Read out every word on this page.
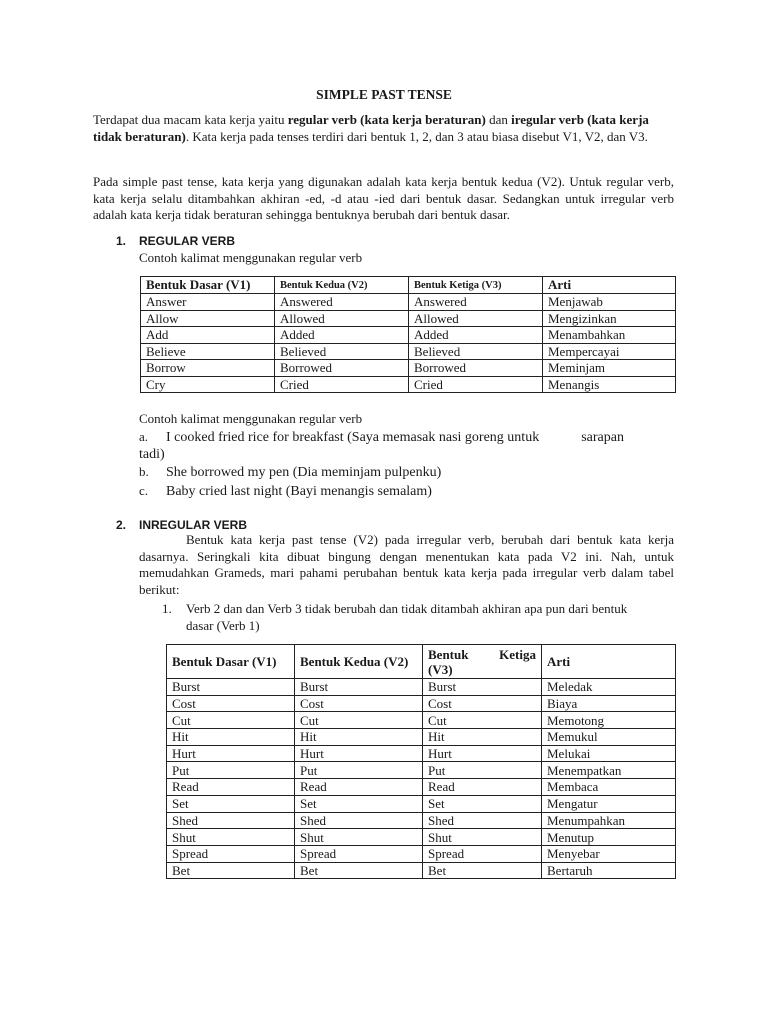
SIMPLE PAST TENSE

Terdapat dua macam kata kerja yaitu regular verb (kata kerja beraturan) dan iregular verb (kata kerja tidak beraturan). Kata kerja pada tenses terdiri dari bentuk 1, 2, dan 3 atau biasa disebut V1, V2, dan V3.

Pada simple past tense, kata kerja yang digunakan adalah kata kerja bentuk kedua (V2). Untuk regular verb, kata kerja selalu ditambahkan akhiran -ed, -d atau -ied dari bentuk dasar. Sedangkan untuk irregular verb adalah kata kerja tidak beraturan sehingga bentuknya berubah dari bentuk dasar.

1. REGULAR VERB
Contoh kalimat menggunakan regular verb
Bentuk Dasar (V1)	Bentuk Kedua (V2)	Bentuk Ketiga (V3)	Arti
Answer	Answered	Answered	Menjawab
Allow	Allowed	Allowed	Mengizinkan
Add	Added	Added	Menambahkan
Believe	Believed	Believed	Mempercayai
Borrow	Borrowed	Borrowed	Meminjam
Cry	Cried	Cried	Menangis
Contoh kalimat menggunakan regular verb
a. I cooked fried rice for breakfast (Saya memasak nasi goreng untuk	sarapan
tadi)
b. She borrowed my pen (Dia meminjam pulpenku)
c. Baby cried last night (Bayi menangis semalam)
2. INREGULAR VERB

Bentuk kata kerja past tense (V2) pada irregular verb, berubah dari bentuk kata kerja dasarnya. Seringkali kita dibuat bingung dengan menentukan kata pada V2 ini. Nah, untuk memudahkan Grameds, mari pahami perubahan bentuk kata kerja pada irregular verb dalam tabel berikut:

1. Verb 2 dan dan Verb 3 tidak berubah dan tidak ditambah akhiran apa pun dari bentuk
dasar (Verb 1)
Bentuk Dasar (V1)	Bentuk Kedua (V2)	Bentuk Ketiga (V3)	Arti
Burst	Burst	Burst	Meledak
Cost	Cost	Cost	Biaya
Cut	Cut	Cut	Memotong
Hit	Hit	Hit	Memukul
Hurt	Hurt	Hurt	Melukai
Put	Put	Put	Menempatkan
Read	Read	Read	Membaca
Set	Set	Set	Mengatur
Shed	Shed	Shed	Menumpahkan
Shut	Shut	Shut	Menutup
Spread	Spread	Spread	Menyebar
Bet	Bet	Bet	Bertaruh
